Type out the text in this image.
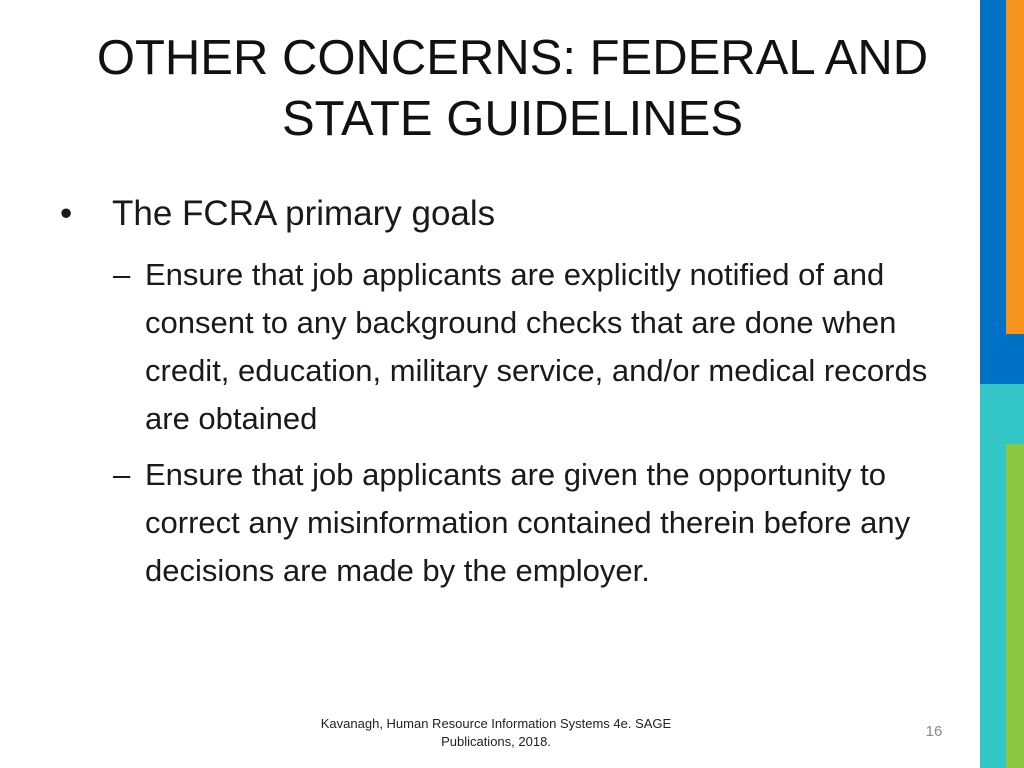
OTHER CONCERNS: FEDERAL AND STATE GUIDELINES
• The FCRA primary goals
– Ensure that job applicants are explicitly notified of and consent to any background checks that are done when credit, education, military service, and/or medical records are obtained
– Ensure that job applicants are given the opportunity to correct any misinformation contained therein before any decisions are made by the employer.
Kavanagh, Human Resource Information Systems 4e. SAGE Publications, 2018.
16
